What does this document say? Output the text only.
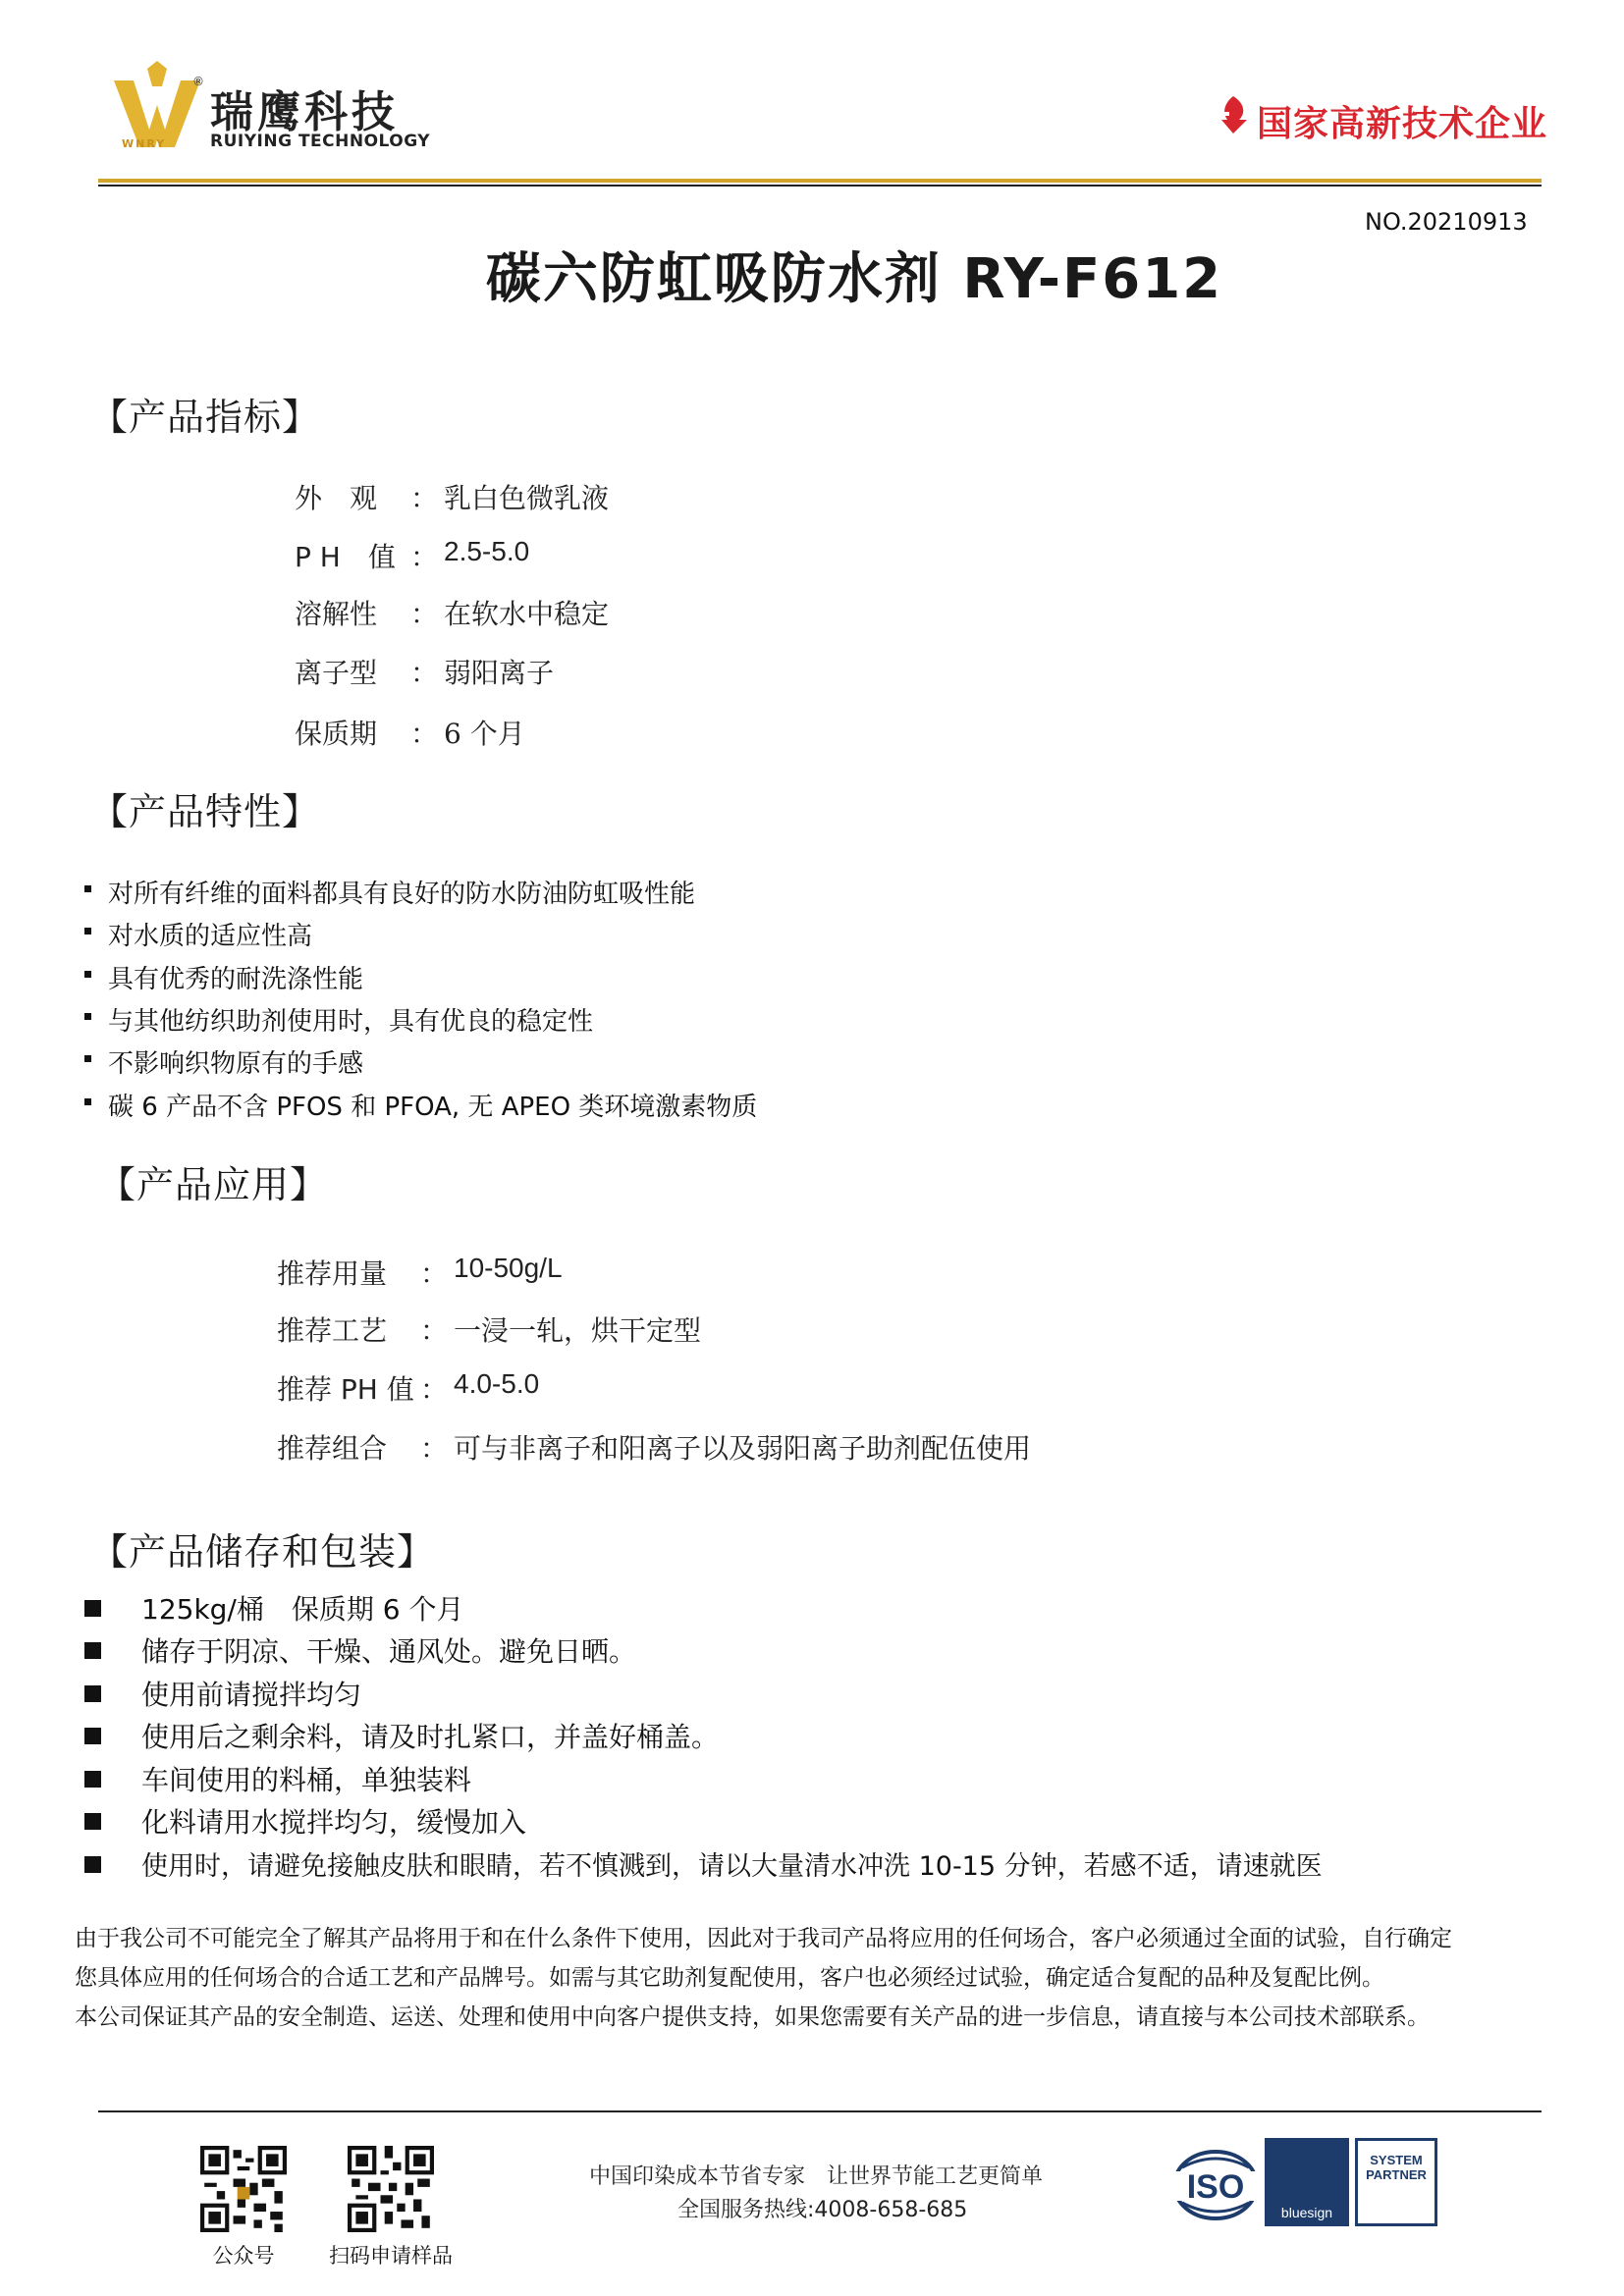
®
WNRY
瑞鹰科技
RUIYING TECHNOLOGY	国家高新技术企业
NO.20210913
碳六防虹吸防水剂 RY-F612
【产品指标】
外　观 ： 乳白色微乳液
P H　值 ： 2.5-5.0
溶解性 ： 在软水中稳定
离子型 ： 弱阳离子
保质期 ： 6 个月
【产品特性】
对所有纤维的面料都具有良好的防水防油防虹吸性能
对水质的适应性高
具有优秀的耐洗涤性能
与其他纺织助剂使用时，具有优良的稳定性
不影响织物原有的手感
碳 6 产品不含 PFOS 和 PFOA, 无 APEO 类环境激素物质
【产品应用】
推荐用量 ： 10-50g/L
推荐工艺 ： 一浸一轧，烘干定型
推荐 PH 值 ： 4.0-5.0
推荐组合 ： 可与非离子和阳离子以及弱阳离子助剂配伍使用
【产品储存和包装】
125kg/桶　保质期 6 个月
储存于阴凉、干燥、通风处。避免日晒。
使用前请搅拌均匀
使用后之剩余料，请及时扎紧口，并盖好桶盖。
车间使用的料桶，单独装料
化料请用水搅拌均匀，缓慢加入
使用时，请避免接触皮肤和眼睛，若不慎溅到，请以大量清水冲洗 10-15 分钟，若感不适，请速就医
由于我公司不可能完全了解其产品将用于和在什么条件下使用，因此对于我司产品将应用的任何场合，客户必须通过全面的试验，自行确定
您具体应用的任何场合的合适工艺和产品牌号。如需与其它助剂复配使用，客户也必须经过试验，确定适合复配的品种及复配比例。
本公司保证其产品的安全制造、运送、处理和使用中向客户提供支持，如果您需要有关产品的进一步信息，请直接与本公司技术部联系。
公众号	扫码申请样品
中国印染成本节省专家　让世界节能工艺更简单
全国服务热线:4008-658-685
ISO
bluesign
SYSTEM
PARTNER
